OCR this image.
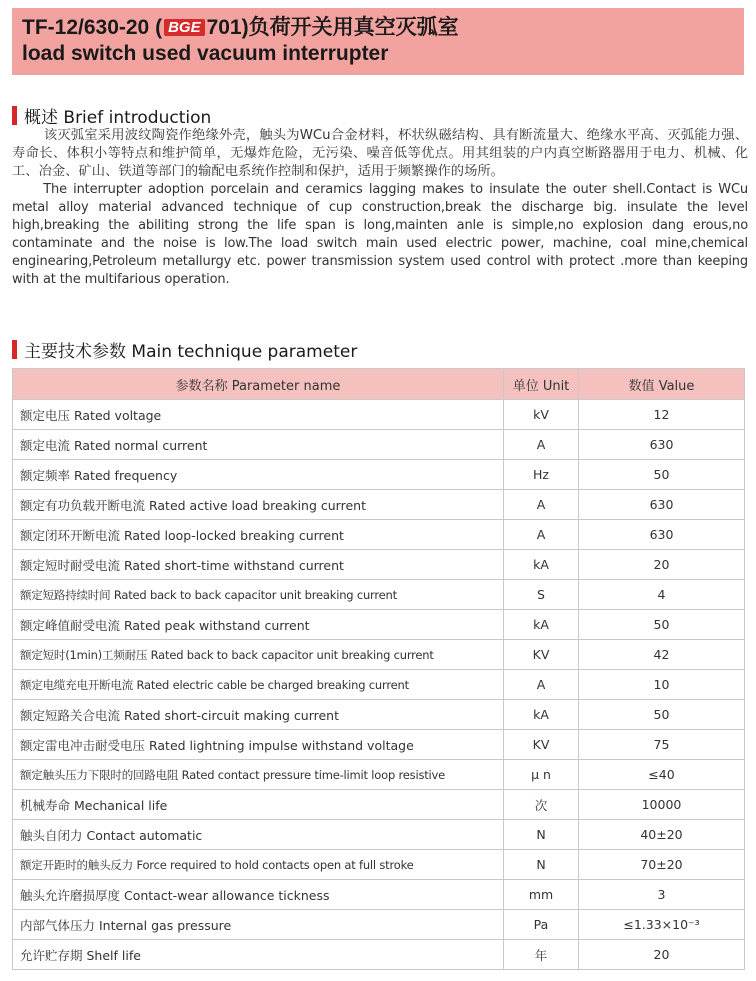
TF-12/630-20 ( BGE 701)负荷开关用真空灭弧室
load switch used vacuum interrupter
概述 Brief introduction

该灭弧室采用波纹陶瓷作绝缘外壳，触头为WCu合金材料，杯状纵磁结构、具有断流量大、绝缘水平高、灭弧能力强、寿命长、体积小等特点和维护简单，无爆炸危险，无污染、噪音低等优点。用其组装的户内真空断路器用于电力、机械、化工、冶金、矿山、铁道等部门的输配电系统作控制和保护，适用于频繁操作的场所。

The interrupter adoption porcelain and ceramics lagging makes to insulate the outer shell.Contact is WCu metal alloy material advanced technique of cup construction,break the discharge big. insulate the level high,breaking the abiliting strong the life span is long,mainten anle is simple,no explosion dang erous,no contaminate and the noise is low.The load switch main used electric power, machine, coal mine,chemical enginearing,Petroleum metallurgy etc. power transmission system used control with protect .more than keeping with at the multifarious operation.

主要技术参数 Main technique parameter
参数名称 Parameter name	单位 Unit	数值 Value
额定电压 Rated voltage	kV	12
额定电流 Rated normal current	A	630
额定频率 Rated frequency	Hz	50
额定有功负载开断电流 Rated active load breaking current	A	630
额定闭环开断电流 Rated loop-locked breaking current	A	630
额定短时耐受电流 Rated short-time withstand current	kA	20
额定短路持续时间 Rated back to back capacitor unit breaking current	S	4
额定峰值耐受电流 Rated peak withstand current	kA	50
额定短时(1min)工频耐压 Rated back to back capacitor unit breaking current	KV	42
额定电缆充电开断电流 Rated electric cable be charged breaking current	A	10
额定短路关合电流 Rated short-circuit making current	kA	50
额定雷电冲击耐受电压 Rated lightning impulse withstand voltage	KV	75
额定触头压力下限时的回路电阻 Rated contact pressure time-limit loop resistive	μ n	≤40
机械寿命 Mechanical life	次	10000
触头自闭力 Contact automatic	N	40±20
额定开距时的触头反力 Force required to hold contacts open at full stroke	N	70±20
触头允许磨损厚度 Contact-wear allowance tickness	mm	3
内部气体压力 Internal gas pressure	Pa	≤1.33×10⁻³
允许贮存期 Shelf life	年	20
